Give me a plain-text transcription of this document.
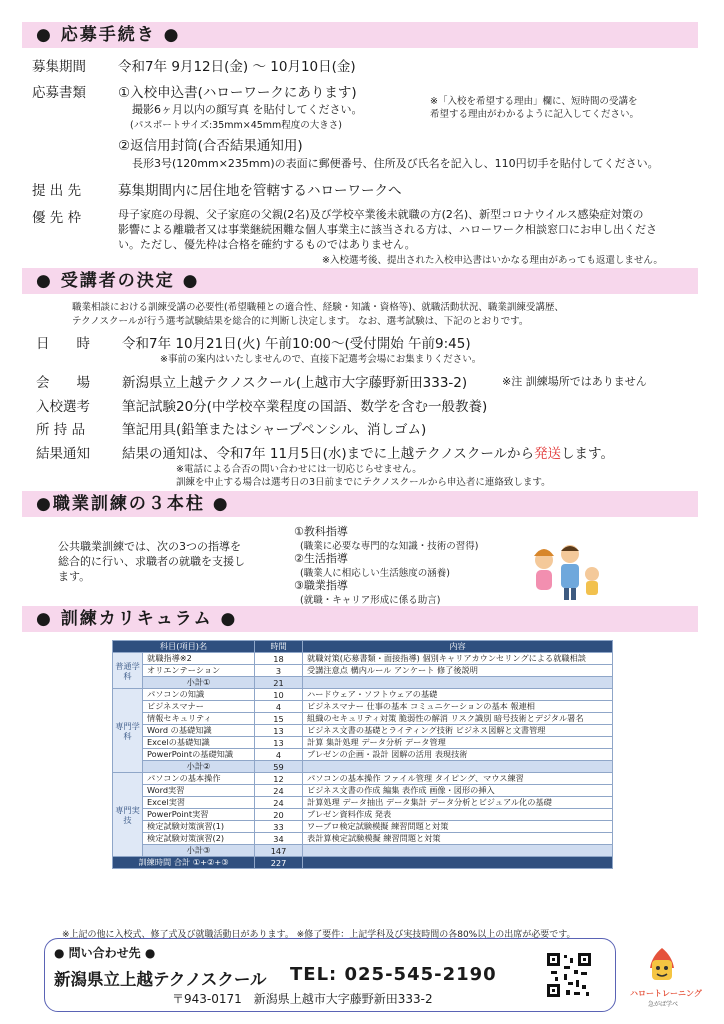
● 応募手続き ●
募集期間 令和7年 9月12日(金) ～ 10月10日(金)
応募書類 ①入校申込書(ハローワークにあります)
撮影6ヶ月以内の顔写真 を貼付してください。
(パスポートサイズ:35mm×45mm程度の大きさ)
※「入校を希望する理由」欄に、短時間の受講を
希望する理由がわかるように記入してください。
②返信用封筒(合否結果通知用)
長形3号(120mm×235mm)の表面に郵便番号、住所及び氏名を記入し、110円切手を貼付してください。
提 出 先	募集期間内に居住地を管轄するハローワークへ
優 先 枠	母子家庭の母親、父子家庭の父親(2名)及び学校卒業後未就職の方(2名)、新型コロナウイルス感染症対策の
影響による離職者又は事業継続困難な個人事業主に該当される方は、ハローワーク相談窓口にお申し出くださ
い。ただし、優先枠は合格を確約するものではありません。
※入校選考後、提出された入校申込書はいかなる理由があっても返還しません。
● 受講者の決定 ●
職業相談における訓練受講の必要性(希望職種との適合性、経験・知識・資格等)、就職活動状況、職業訓練受講歴、
テクノスクールが行う選考試験結果を総合的に判断し決定します。 なお、選考試験は、下記のとおりです。
日　　時 令和7年 10月21日(火) 午前10:00～(受付開始 午前9:45)
※事前の案内はいたしませんので、直接下記選考会場にお集まりください。
会　　場 新潟県立上越テクノスクール(上越市大字藤野新田333-2)	※注 訓練場所ではありません
入校選考 筆記試験20分(中学校卒業程度の国語、数学を含む一般教養)
所 持 品	筆記用具(鉛筆またはシャープペンシル、消しゴム)
結果通知 結果の通知は、令和7年 11月5日(水)までに上越テクノスクールから発送します。
※電話による合否の問い合わせには一切応じらせません。
訓練を中止する場合は選考日の3日前までにテクノスクールから申込者に連絡致します。
●職業訓練の３本柱 ●
公共職業訓練では、次の3つの指導を
総合的に行い、求職者の就職を支援し
ます。
①教科指導
(職業に必要な専門的な知識・技術の習得)
②生活指導
(職業人に相応しい生活態度の涵養)
③職業指導
(就職・キャリア形成に係る助言)
● 訓練カリキュラム ●
科目(項目)名		時間	内容
普通学科	就職指導※2	18	就職対策(応募書類・面接指導) 個別キャリアカウンセリングによる就職相談
	オリエンテーション	3	受講注意点 構内ルール アンケート 修了後説明
	小計①	21	
専門学科	パソコンの知識	10	ハードウェア・ソフトウェアの基礎
	ビジネスマナー	4	ビジネスマナー 仕事の基本 コミュニケーションの基本 報連相
	情報セキュリティ	15	組織のセキュリティ対策 脆弱性の解消 リスク識別 暗号技術とデジタル署名
	Word の基礎知識	13	ビジネス文書の基礎とライティング技術 ビジネス図解と文書管理
	Excelの基礎知識	13	計算 集計処理 データ分析 データ管理
	PowerPointの基礎知識	4	プレゼンの企画・設計 図解の活用 表現技術
	小計②	59	
専門実技	パソコンの基本操作	12	パソコンの基本操作 ファイル管理 タイピング、マウス練習
	Word実習	24	ビジネス文書の作成 編集 表作成 画像・図形の挿入
	Excel実習	24	計算処理 データ抽出 データ集計 データ分析とビジュアル化の基礎
	PowerPoint実習	20	プレゼン資料作成 発表
	検定試験対策演習(1)	33	ワープロ検定試験模擬 練習問題と対策
	検定試験対策演習(2)	34	表計算検定試験模擬 練習問題と対策
	小計③	147	
訓練時間 合計 ①+②+③		227	
※上記の他に入校式、修了式及び就職活動日があります。 ※修了要件：上記学科及び実技時間の各80%以上の出席が必要です。
● 問い合わせ先 ●
新潟県立上越テクノスクール TEL: 025-545-2190
〒943-0171　新潟県上越市大字藤野新田333-2	ハロートレーニング
急がば学べ
